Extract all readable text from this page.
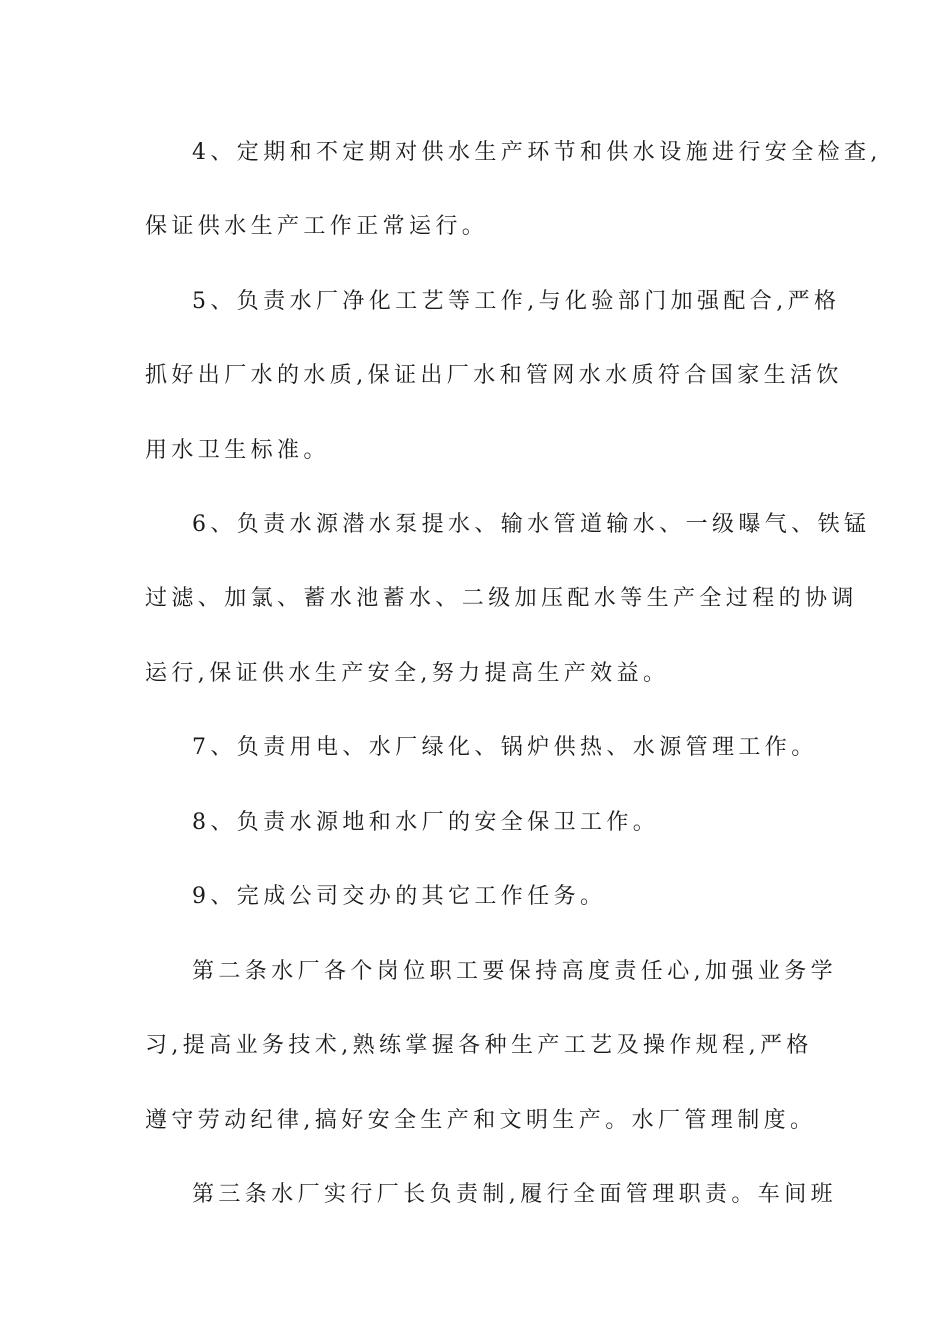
4、定期和不定期对供水生产环节和供水设施进行安全检查,
保证供水生产工作正常运行。
5、负责水厂净化工艺等工作,与化验部门加强配合,严格
抓好出厂水的水质,保证出厂水和管网水水质符合国家生活饮
用水卫生标准。
6、负责水源潜水泵提水、输水管道输水、一级曝气、铁锰
过滤、加氯、蓄水池蓄水、二级加压配水等生产全过程的协调
运行,保证供水生产安全,努力提高生产效益。
7、负责用电、水厂绿化、锅炉供热、水源管理工作。
8、负责水源地和水厂的安全保卫工作。
9、完成公司交办的其它工作任务。
第二条水厂各个岗位职工要保持高度责任心,加强业务学
习,提高业务技术,熟练掌握各种生产工艺及操作规程,严格
遵守劳动纪律,搞好安全生产和文明生产。水厂管理制度。
第三条水厂实行厂长负责制,履行全面管理职责。车间班
